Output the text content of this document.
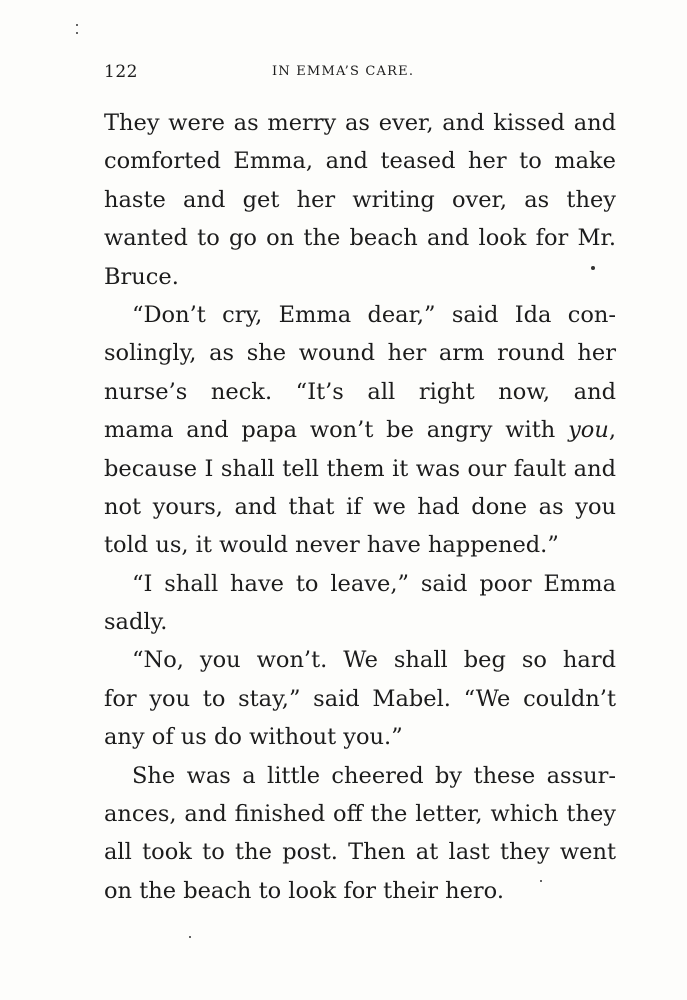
122	IN EMMA’S CARE.
They were as merry as ever, and kissed and
comforted Emma, and teased her to make
haste and get her writing over, as they
wanted to go on the beach and look for Mr.
Bruce.
“Don’t cry, Emma dear,” said Ida con-
solingly, as she wound her arm round her
nurse’s neck. “It’s all right now, and
mama and papa won’t be angry with you,
because I shall tell them it was our fault and
not yours, and that if we had done as you
told us, it would never have happened.”
“I shall have to leave,” said poor Emma
sadly.
“No, you won’t. We shall beg so hard
for you to stay,” said Mabel. “We couldn’t
any of us do without you.”
She was a little cheered by these assur-
ances, and finished off the letter, which they
all took to the post. Then at last they went
on the beach to look for their hero.
